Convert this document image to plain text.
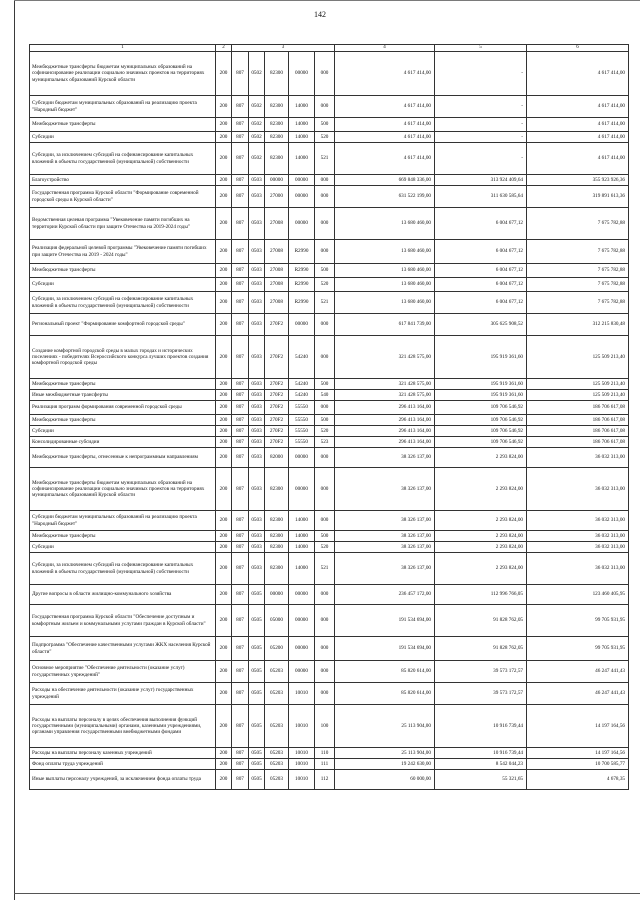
142
1	2	3					4	5	6
Межбюджетные трансферты бюджетам муниципальных образований на софинансирование реализации социально значимых проектов на территориях муниципальных образований Курской области	200	807	0502	82300	00000	000	4 617 414,00	-	4 617 414,00
Субсидии бюджетам муниципальных образований на реализацию проекта "Народный бюджет"	200	807	0502	82300	14000	000	4 617 414,00	-	4 617 414,00
Межбюджетные трансферты	200	807	0502	82300	14000	500	4 617 414,00	-	4 617 414,00
Субсидии	200	807	0502	82300	14000	520	4 617 414,00	-	4 617 414,00
Субсидии, за исключением субсидий на софинансирование капитальных вложений в объекты государственной (муниципальной) собственности	200	807	0502	82300	14000	521	4 617 414,00	-	4 617 414,00
Благоустройство	200	807	0503	00000	00000	000	669 848 336,00	313 924 409,64	355 923 926,36
Государственная программа Курской области "Формирование современной городской среды в Курской области"	200	807	0503	27000	00000	000	631 522 199,00	311 630 585,64	319 891 613,36
Ведомственная целевая программа "Увековечение памяти погибших на территории Курской области при защите Отечества на 2019-2024 годы"	200	807	0503	27008	00000	000	13 680 460,00	6 004 677,12	7 675 782,88
Реализация федеральной целевой программы "Увековечение памяти погибших при защите Отечества на 2019 - 2024 годы"	200	807	0503	27008	R2990	000	13 680 460,00	6 004 677,12	7 675 782,88
Межбюджетные трансферты	200	807	0503	27008	R2990	500	13 680 460,00	6 004 677,12	7 675 782,88
Субсидии	200	807	0503	27008	R2990	520	13 680 460,00	6 004 677,12	7 675 782,88
Субсидии, за исключением субсидий на софинансирование капитальных вложений в объекты государственной (муниципальной) собственности	200	807	0503	27008	R2990	521	13 680 460,00	6 004 677,12	7 675 782,88
Региональный проект "Формирование комфортной городской среды"	200	807	0503	270F2	00000	000	617 841 739,00	305 625 908,52	312 215 830,48
Создание комфортной городской среды в малых городах и исторических поселениях - победителях Всероссийского конкурса лучших проектов создания комфортной городской среды	200	807	0503	270F2	54240	000	321 428 575,00	195 919 361,60	125 509 213,40
Межбюджетные трансферты	200	807	0503	270F2	54240	500	321 428 575,00	195 919 361,60	125 509 213,40
Иные межбюджетные трансферты	200	807	0503	270F2	54240	540	321 428 575,00	195 919 361,60	125 509 213,40
Реализация программ формирования современной городской среды	200	807	0503	270F2	55550	000	296 413 164,00	109 706 546,92	186 706 617,08
Межбюджетные трансферты	200	807	0503	270F2	55550	500	296 413 164,00	109 706 546,92	186 706 617,08
Субсидии	200	807	0503	270F2	55550	520	296 413 164,00	109 706 546,92	186 706 617,08
Консолидированные субсидии	200	807	0503	270F2	55550	523	296 413 164,00	109 706 546,92	186 706 617,08
Межбюджетные трансферты, отнесенные к непрограммным направлениям	200	807	0503	82000	00000	000	38 326 137,00	2 293 824,00	36 032 313,00
Межбюджетные трансферты бюджетам муниципальных образований на софинансирование реализации социально значимых проектов на территориях муниципальных образований Курской области	200	807	0503	82300	00000	000	38 326 137,00	2 293 824,00	36 032 313,00
Субсидии бюджетам муниципальных образований на реализацию проекта "Народный бюджет"	200	807	0503	82300	14000	000	38 326 137,00	2 293 824,00	36 032 313,00
Межбюджетные трансферты	200	807	0503	82300	14000	500	38 326 137,00	2 293 824,00	36 032 313,00
Субсидии	200	807	0503	82300	14000	520	38 326 137,00	2 293 824,00	36 032 313,00
Субсидии, за исключением субсидий на софинансирование капитальных вложений в объекты государственной (муниципальной) собственности	200	807	0503	82300	14000	521	38 326 137,00	2 293 824,00	36 032 313,00
Другие вопросы в области жилищно-коммунального хозяйства	200	807	0505	00000	00000	000	236 457 172,00	112 996 766,05	123 460 405,95
Государственная программа Курской области "Обеспечение доступным и комфортным жильем и коммунальными услугами граждан в Курской области"	200	807	0505	05000	00000	000	191 534 694,00	91 828 762,05	99 705 931,95
Подпрограмма "Обеспечение качественными услугами ЖКХ населения Курской области"	200	807	0505	05200	00000	000	191 534 694,00	91 828 762,05	99 705 931,95
Основное мероприятие "Обеспечение деятельности (оказание услуг) государственных учреждений"	200	807	0505	05203	00000	000	85 820 614,00	39 573 172,57	46 247 441,43
Расходы на обеспечение деятельности (оказание услуг) государственных учреждений	200	807	0505	05203	10010	000	85 820 614,00	39 573 172,57	46 247 441,43
Расходы на выплаты персоналу в целях обеспечения выполнения функций государственными (муниципальными) органами, казенными учреждениями, органами управления государственными внебюджетными фондами	200	807	0505	05203	10010	100	25 113 904,00	10 916 739,44	14 197 164,56
Расходы на выплаты персоналу казенных учреждений	200	807	0505	05203	10010	110	25 113 904,00	10 916 739,44	14 197 164,56
Фонд оплаты труда учреждений	200	807	0505	05203	10010	111	19 242 630,00	8 542 044,23	10 700 585,77
Иные выплаты персоналу учреждений, за исключением фонда оплаты труда	200	807	0505	05203	10010	112	60 000,00	55 321,65	4 678,35
